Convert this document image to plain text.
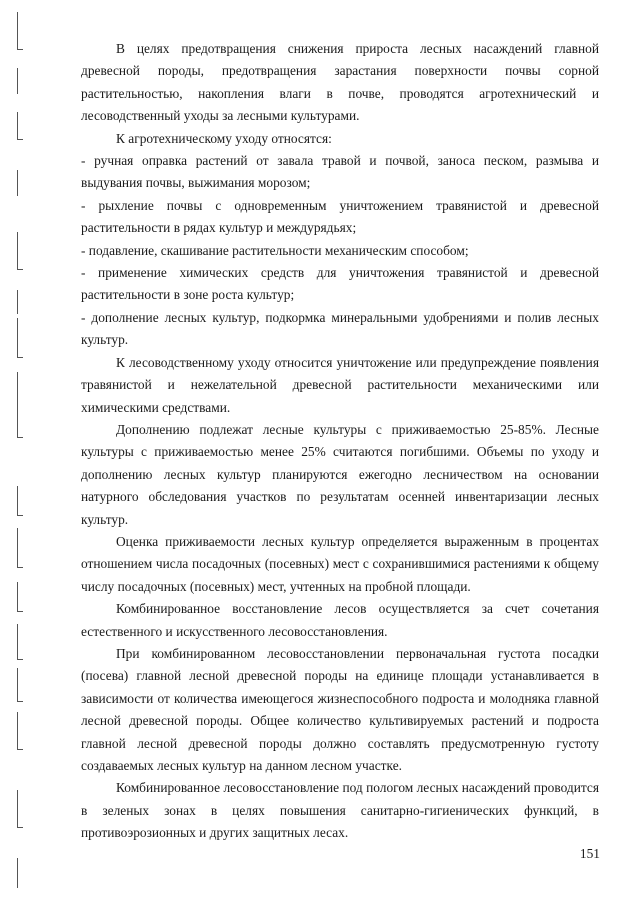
В целях предотвращения снижения прироста лесных насаждений главной древесной породы, предотвращения зарастания поверхности почвы сорной растительностью, накопления влаги в почве, проводятся агротехнический и лесоводственный уходы за лесными культурами.

К агротехническому уходу относятся:

- ручная оправка растений от завала травой и почвой, заноса песком, размыва и выдувания почвы, выжимания морозом;

- рыхление почвы с одновременным уничтожением травянистой и древесной растительности в рядах культур и междурядьях;

- подавление, скашивание растительности механическим способом;

- применение химических средств для уничтожения травянистой и древесной растительности в зоне роста культур;

- дополнение лесных культур, подкормка минеральными удобрениями и полив лесных культур.

К лесоводственному уходу относится уничтожение или предупреждение появления травянистой и нежелательной древесной растительности механическими или химическими средствами.

Дополнению подлежат лесные культуры с приживаемостью 25-85%. Лесные культуры с приживаемостью менее 25% считаются погибшими. Объемы по уходу и дополнению лесных культур планируются ежегодно лесничеством на основании натурного обследования участков по результатам осенней инвентаризации лесных культур.

Оценка приживаемости лесных культур определяется выраженным в процентах отношением числа посадочных (посевных) мест с сохранившимися растениями к общему числу посадочных (посевных) мест, учтенных на пробной площади.

Комбинированное восстановление лесов осуществляется за счет сочетания естественного и искусственного лесовосстановления.

При комбинированном лесовосстановлении первоначальная густота посадки (посева) главной лесной древесной породы на единице площади устанавливается в зависимости от количества имеющегося жизнеспособного подроста и молодняка главной лесной древесной породы. Общее количество культивируемых растений и подроста главной лесной древесной породы должно составлять предусмотренную густоту создаваемых лесных культур на данном лесном участке.

Комбинированное лесовосстановление под пологом лесных насаждений проводится в зеленых зонах в целях повышения санитарно-гигиенических функций, в противоэрозионных и других защитных лесах.

151
